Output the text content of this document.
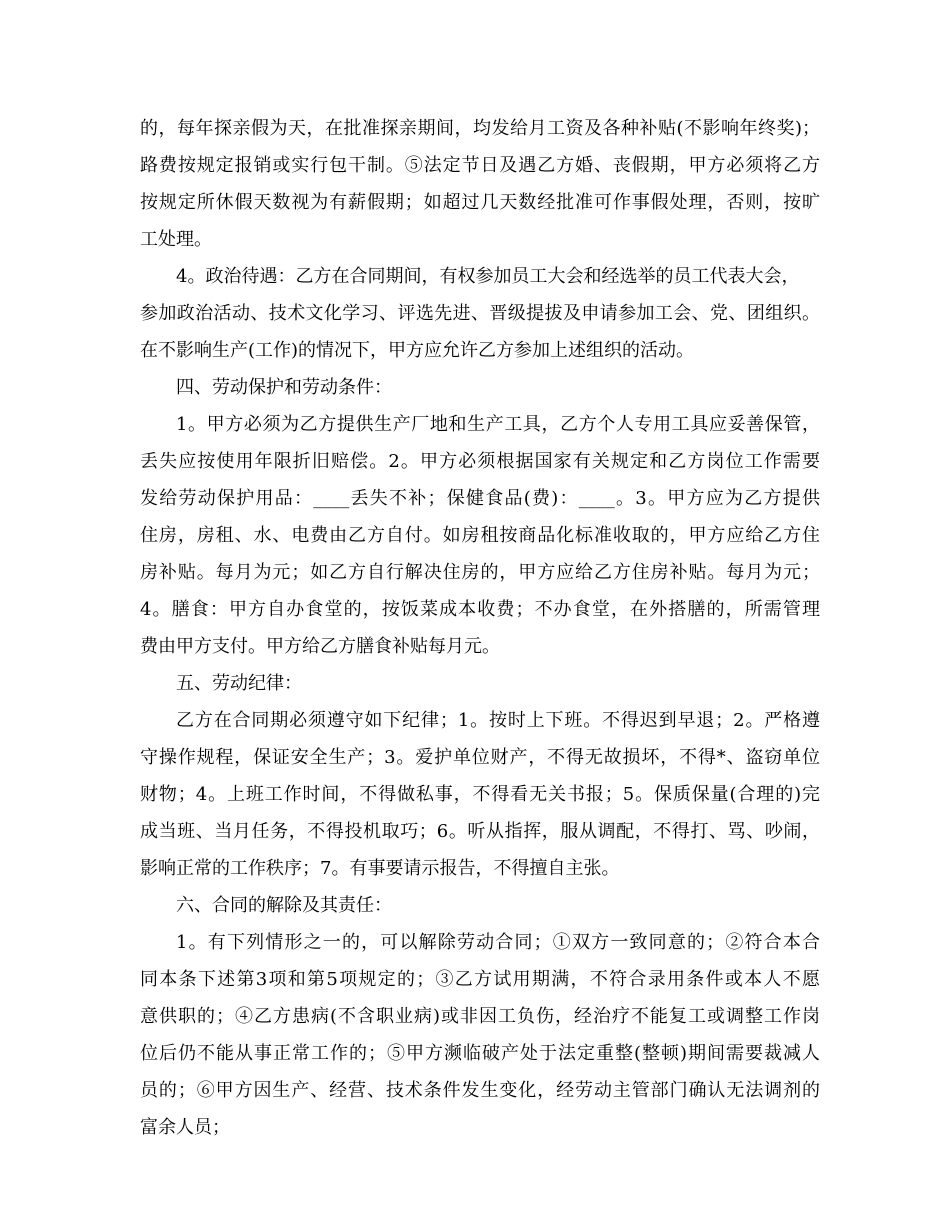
的，每年探亲假为天，在批准探亲期间，均发给月工资及各种补贴(不影响年终奖)；
路费按规定报销或实行包干制。⑤法定节日及遇乙方婚、丧假期，甲方必须将乙方
按规定所休假天数视为有薪假期；如超过几天数经批准可作事假处理，否则，按旷
工处理。
4。政治待遇：乙方在合同期间，有权参加员工大会和经选举的员工代表大会，
参加政治活动、技术文化学习、评选先进、晋级提拔及申请参加工会、党、团组织。
在不影响生产(工作)的情况下，甲方应允许乙方参加上述组织的活动。
四、劳动保护和劳动条件：
1。甲方必须为乙方提供生产厂地和生产工具，乙方个人专用工具应妥善保管，
丢失应按使用年限折旧赔偿。2。甲方必须根据国家有关规定和乙方岗位工作需要
发给劳动保护用品：____丢失不补；保健食品(费)：____。3。甲方应为乙方提供
住房，房租、水、电费由乙方自付。如房租按商品化标准收取的，甲方应给乙方住
房补贴。每月为元；如乙方自行解决住房的，甲方应给乙方住房补贴。每月为元；
4。膳食：甲方自办食堂的，按饭菜成本收费；不办食堂，在外搭膳的，所需管理
费由甲方支付。甲方给乙方膳食补贴每月元。
五、劳动纪律：
乙方在合同期必须遵守如下纪律；1。按时上下班。不得迟到早退；2。严格遵
守操作规程，保证安全生产；3。爱护单位财产，不得无故损坏，不得*、盗窃单位
财物；4。上班工作时间，不得做私事，不得看无关书报；5。保质保量(合理的)完
成当班、当月任务，不得投机取巧；6。听从指挥，服从调配，不得打、骂、吵闹，
影响正常的工作秩序；7。有事要请示报告，不得擅自主张。
六、合同的解除及其责任：
1。有下列情形之一的，可以解除劳动合同；①双方一致同意的；②符合本合
同本条下述第3项和第5项规定的；③乙方试用期满，不符合录用条件或本人不愿
意供职的；④乙方患病(不含职业病)或非因工负伤，经治疗不能复工或调整工作岗
位后仍不能从事正常工作的；⑤甲方濒临破产处于法定重整(整顿)期间需要裁减人
员的；⑥甲方因生产、经营、技术条件发生变化，经劳动主管部门确认无法调剂的
富余人员；
